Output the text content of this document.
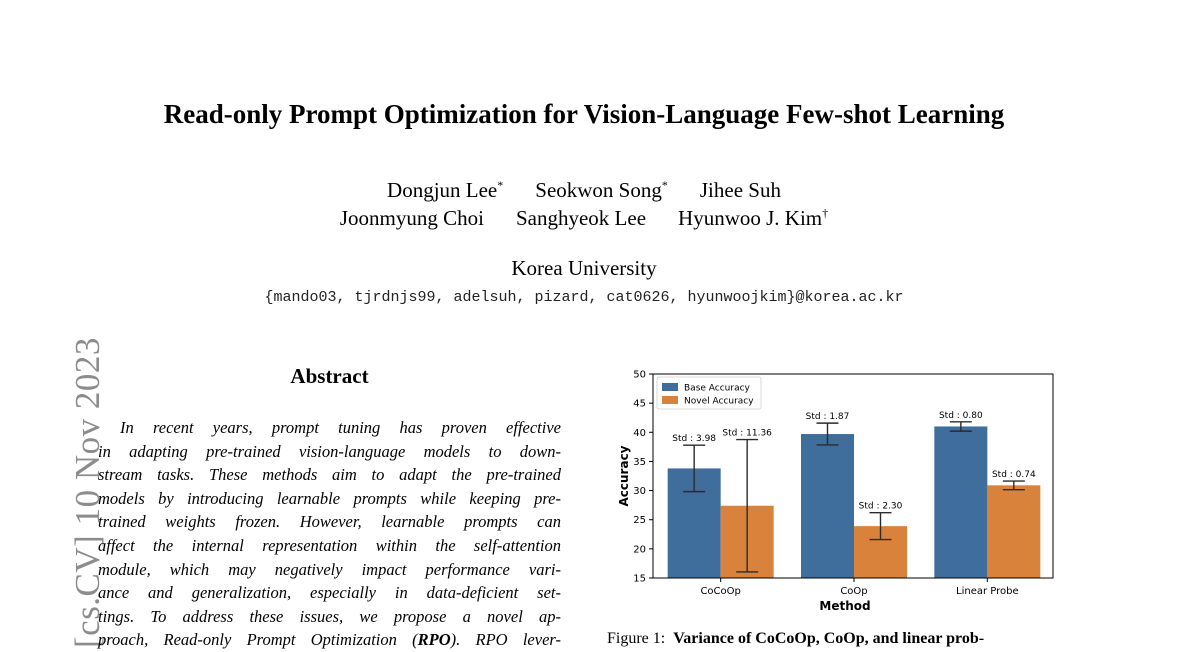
[cs.CV] 10 Nov 2023
Read-only Prompt Optimization for Vision-Language Few-shot Learning
Dongjun Lee* Seokwon Song* Jihee Suh
Joonmyung Choi Sanghyeok Lee Hyunwoo J. Kim†
Korea University
{mando03, tjrdnjs99, adelsuh, pizard, cat0626, hyunwoojkim}@korea.ac.kr
Abstract
In recent years, prompt tuning has proven effective
in adapting pre-trained vision-language models to down-
stream tasks. These methods aim to adapt the pre-trained
models by introducing learnable prompts while keeping pre-
trained weights frozen. However, learnable prompts can
affect the internal representation within the self-attention
module, which may negatively impact performance vari-
ance and generalization, especially in data-deficient set-
tings. To address these issues, we propose a novel ap-
proach, Read-only Prompt Optimization (RPO). RPO lever-
Std : 3.98
Std : 11.36
CoCoOp
Std : 1.87
Std : 2.30
CoOp
Std : 0.80
Std : 0.74
Linear Probe
15
20
25
30
35
40
45
50
Method
Accuracy
Base Accuracy
Novel Accuracy
Figure 1: Variance of CoCoOp, CoOp, and linear prob-
